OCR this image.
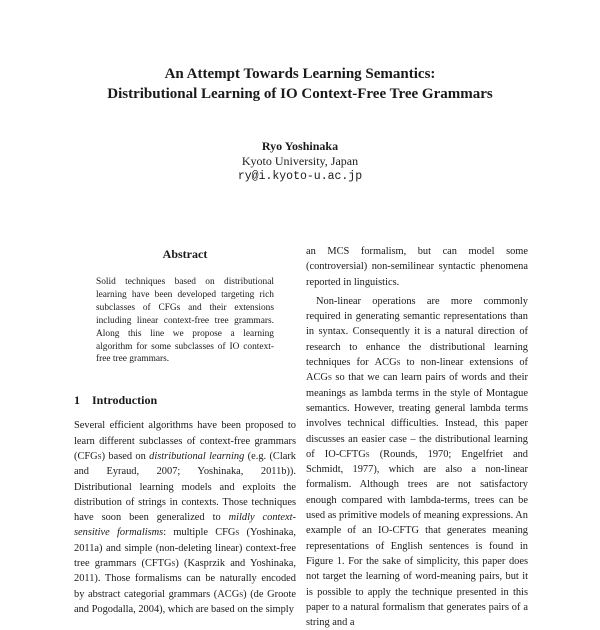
An Attempt Towards Learning Semantics:
Distributional Learning of IO Context-Free Tree Grammars
Ryo Yoshinaka
Kyoto University, Japan
ry@i.kyoto-u.ac.jp
Abstract

Solid techniques based on distributional learning have been developed targeting rich subclasses of CFGs and their extensions including linear context-free tree grammars. Along this line we propose a learning algorithm for some subclasses of IO context-free tree grammars.

1 Introduction

Several efficient algorithms have been proposed to learn different subclasses of context-free grammars (CFGs) based on distributional learning (e.g. (Clark and Eyraud, 2007; Yoshinaka, 2011b)). Distributional learning models and exploits the distribution of strings in contexts. Those techniques have soon been generalized to mildly context-sensitive formalisms: multiple CFGs (Yoshinaka, 2011a) and simple (non-deleting linear) context-free tree grammars (CFTGs) (Kasprzik and Yoshinaka, 2011). Those formalisms can be naturally encoded by abstract categorial grammars (ACGs) (de Groote and Pogodalla, 2004), which are based on the simply

an MCS formalism, but can model some (controversial) non-semilinear syntactic phenomena reported in linguistics.

Non-linear operations are more commonly required in generating semantic representations than in syntax. Consequently it is a natural direction of research to enhance the distributional learning techniques for ACGs to non-linear extensions of ACGs so that we can learn pairs of words and their meanings as lambda terms in the style of Montague semantics. However, treating general lambda terms involves technical difficulties. Instead, this paper discusses an easier case – the distributional learning of IO-CFTGs (Rounds, 1970; Engelfriet and Schmidt, 1977), which are also a non-linear formalism. Although trees are not satisfactory enough compared with lambda-terms, trees can be used as primitive models of meaning expressions. An example of an IO-CFTG that generates meaning representations of English sentences is found in Figure 1. For the sake of simplicity, this paper does not target the learning of word-meaning pairs, but it is possible to apply the technique presented in this paper to a natural formalism that generates pairs of a string and a
